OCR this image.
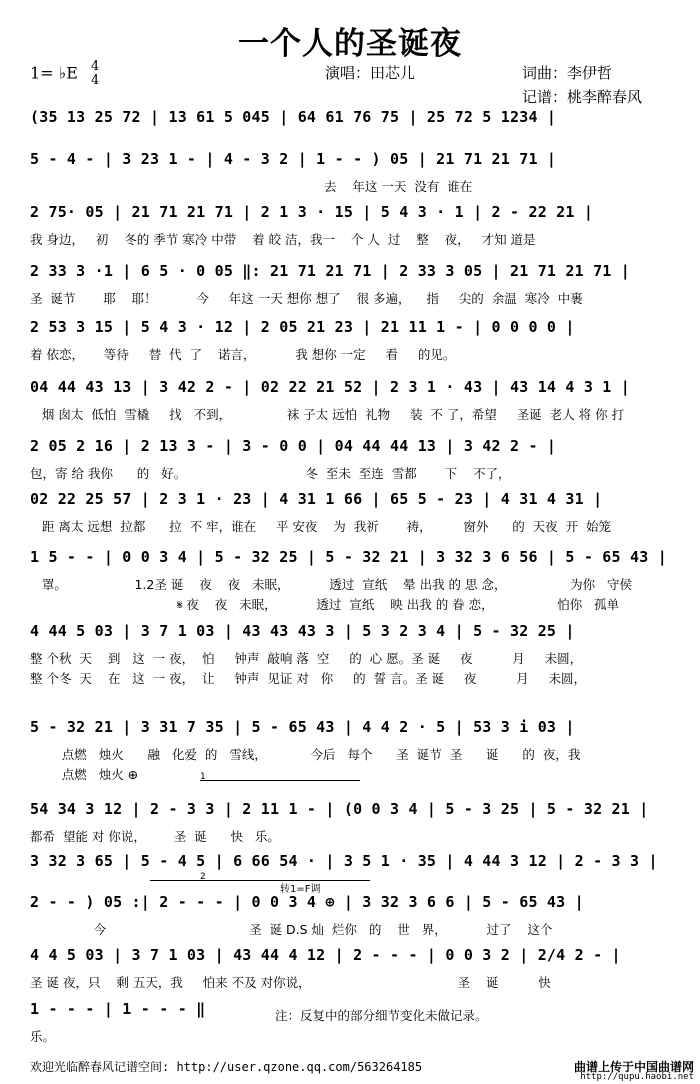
一个人的圣诞夜
1= ♭E 4
4	演唱：田芯儿	词曲：李伊哲
记谱：桃李醉春风
(35 13 25 72 | 13 61 5 045 | 64 61 76 75 | 25 72 5 1234 |
5 - 4 - | 3 23 1 - | 4 - 3 2 | 1 - - ) 05 | 21 71 21 71 |
去    年这 一天  没有  谁在
2 75· 05 | 21 71 21 71 | 2 1 3 · 15 | 5 4 3 · 1 | 2 - 22 21 |
我 身边，   初    冬的 季节 寒冷 中带    着 皎 洁，我一    个 人  过    整    夜，   才知 道是
2 33 3 ·1 | 6 5 · 0 05 ‖: 21 71 21 71 | 2 33 3 05 | 21 71 21 71 |
圣  诞节       耶    耶！          今     年这 一天 想你 想了    很 多遍，    指     尖的  余温  寒冷  中裹
2 53 3 15 | 5 4 3 · 12 | 2 05 21 23 | 21 11 1 - | 0 0 0 0 |
着 依恋，     等待     替  代  了    诺言，          我 想你 一定     看     的见。
04 44 43 13 | 3 42 2 - | 02 22 21 52 | 2 3 1 · 43 | 43 14 4 3 1 |
烟 囱太  低怕  雪橇     找   不到，              袜 子太 远怕  礼物     装  不 了，希望     圣诞  老人 将 你 打
2 05 2 16 | 2 13 3 - | 3 - 0 0 | 04 44 44 13 | 3 42 2 - |
包，寄 给 我你      的   好。                              冬  至未  至连  雪都       下    不了，
02 22 25 57 | 2 3 1 · 23 | 4 31 1 66 | 65 5 - 23 | 4 31 4 31 |
距 离太 远想  拉都      拉  不 牢，谁在     平 安夜    为  我祈       祷，        窗外      的  天夜  开  始笼
1 5 - - | 0 0 3 4 | 5 - 32 25 | 5 - 32 21 | 3 32 3 6 56 | 5 - 65 43 |
罩。                 1.2圣 诞    夜    夜   未眠，          透过  宣纸    晕 出我 的 思 念，                为你   守侯
𝄋 夜    夜   未眠，          透过  宣纸    映 出我 的 眷 恋，                怕你   孤单
4 44 5 03 | 3 7 1 03 | 43 43 43 3 | 5 3 2 3 4 | 5 - 32 25 |
整 个秋  天    到   这  一 夜，  怕     钟声  敲响 落  空     的  心 愿。圣 诞     夜          月     未圆，
整 个冬  天    在   这  一 夜，  让     钟声  见证 对   你     的  誓 言。圣 诞     夜          月     未圆，
5 - 32 21 | 3 31 7 35 | 5 - 65 43 | 4 4 2 · 5 | 53 3 i 03 |
点燃   烛火      融   化爱  的   雪线，           今后   每个      圣  诞节  圣      诞      的  夜，我
点燃   烛火 ⊕
54 34 3 12 | 2 - 3 3 | 2 11 1 - | (0 0 3 4 | 5 - 3 25 | 5 - 32 21 |
都希  望能 对 你说，       圣  诞      快   乐。
3 32 3 65 | 5 - 4 5 | 6 66 54 · | 3 5 1 · 35 | 4 44 3 12 | 2 - 3 3 |
2 - - ) 05 :| 2 - - - | 0 0 3 4 ⊕ | 3 32 3 6 6 | 5 - 65 43 |
今                                    圣  诞 D.S 灿  烂你   的    世   界，          过了    这个
4 4 5 03 | 3 7 1 03 | 43 44 4 12 | 2 - - - | 0 0 3 2 | 2/4 2 - |
圣 诞 夜，只    剩 五天，我     怕来 不及 对你说，                                     圣    诞          快
1 - - - | 1 - - - ‖
乐。
1
2
转1=F调
注：反复中的部分细节变化未做记录。
欢迎光临醉春风记谱空间: http://user.qzone.qq.com/563264185	曲谱上传于中国曲谱网
http://qupu.haobi.net
